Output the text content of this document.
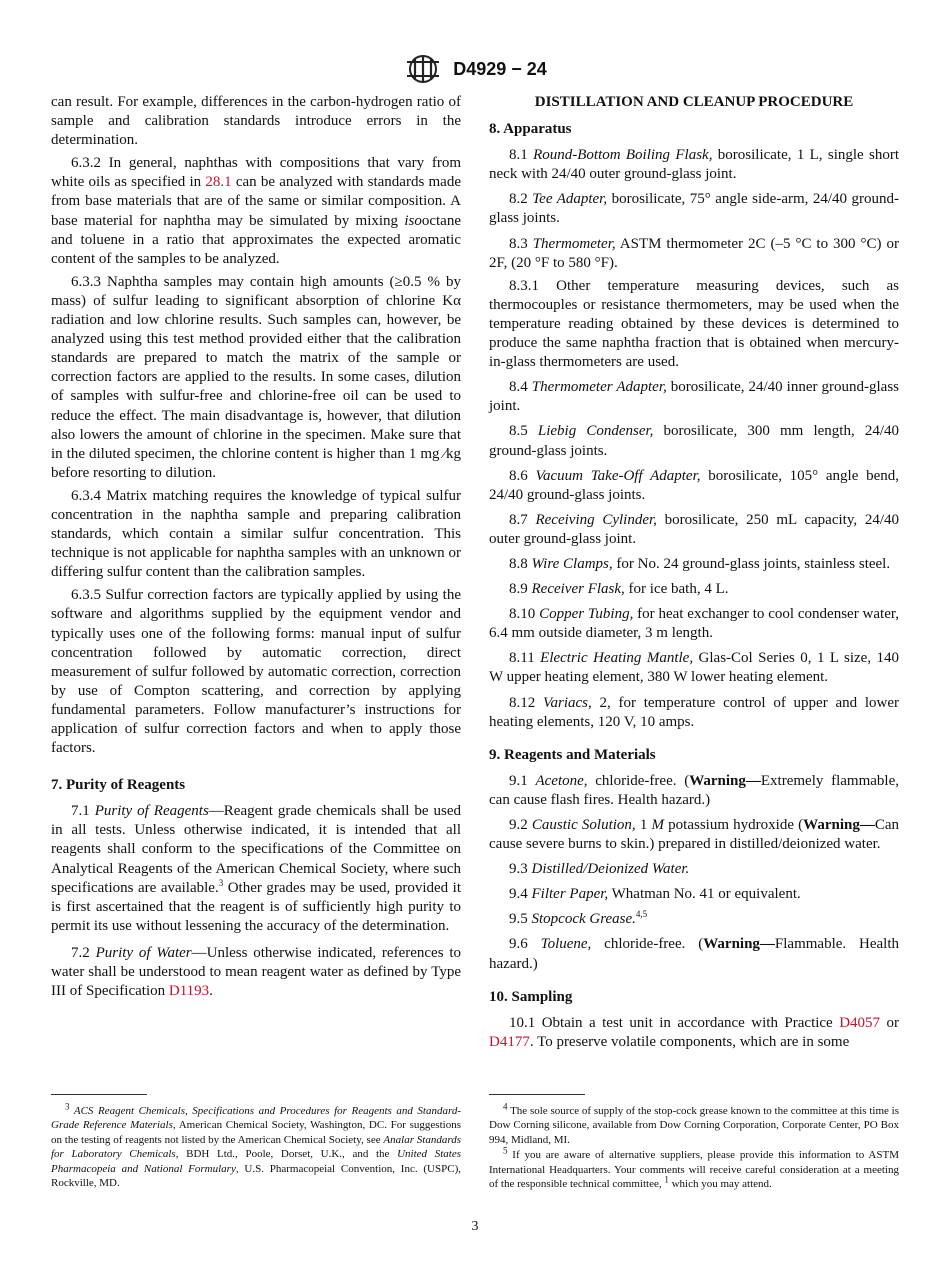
D4929 − 24

can result. For example, differences in the carbon-hydrogen ratio of sample and calibration standards introduce errors in the determination.

6.3.2 In general, naphthas with compositions that vary from white oils as specified in 28.1 can be analyzed with standards made from base materials that are of the same or similar composition. A base material for naphtha may be simulated by mixing isooctane and toluene in a ratio that approximates the expected aromatic content of the samples to be analyzed.

6.3.3 Naphtha samples may contain high amounts (≥0.5 % by mass) of sulfur leading to significant absorption of chlorine Kα radiation and low chlorine results. Such samples can, however, be analyzed using this test method provided either that the calibration standards are prepared to match the matrix of the sample or correction factors are applied to the results. In some cases, dilution of samples with sulfur-free and chlorine-free oil can be used to reduce the effect. The main disadvantage is, however, that dilution also lowers the amount of chlorine in the specimen. Make sure that in the diluted specimen, the chlorine content is higher than 1 mg ⁄kg before resorting to dilution.

6.3.4 Matrix matching requires the knowledge of typical sulfur concentration in the naphtha sample and preparing calibration standards, which contain a similar sulfur concentration. This technique is not applicable for naphtha samples with an unknown or differing sulfur content than the calibration samples.

6.3.5 Sulfur correction factors are typically applied by using the software and algorithms supplied by the equipment vendor and typically uses one of the following forms: manual input of sulfur concentration followed by automatic correction, direct measurement of sulfur followed by automatic correction, correction by use of Compton scattering, and correction by applying fundamental parameters. Follow manufacturer’s instructions for application of sulfur correction factors and when to apply those factors.

7. Purity of Reagents

7.1 Purity of Reagents—Reagent grade chemicals shall be used in all tests. Unless otherwise indicated, it is intended that all reagents shall conform to the specifications of the Committee on Analytical Reagents of the American Chemical Society, where such specifications are available.$^3$ Other grades may be used, provided it is first ascertained that the reagent is of sufficiently high purity to permit its use without lessening the accuracy of the determination.

7.2 Purity of Water—Unless otherwise indicated, references to water shall be understood to mean reagent water as defined by Type III of Specification D1193.

DISTILLATION AND CLEANUP PROCEDURE
8. Apparatus

8.1 Round-Bottom Boiling Flask, borosilicate, 1 L, single short neck with 24/40 outer ground-glass joint.

8.2 Tee Adapter, borosilicate, 75° angle side-arm, 24/40 ground-glass joints.

8.3 Thermometer, ASTM thermometer 2C (–5 °C to 300 °C) or 2F, (20 °F to 580 °F).

8.3.1 Other temperature measuring devices, such as thermocouples or resistance thermometers, may be used when the temperature reading obtained by these devices is determined to produce the same naphtha fraction that is obtained when mercury-in-glass thermometers are used.

8.4 Thermometer Adapter, borosilicate, 24/40 inner ground-glass joint.

8.5 Liebig Condenser, borosilicate, 300 mm length, 24/40 ground-glass joints.

8.6 Vacuum Take-Off Adapter, borosilicate, 105° angle bend, 24/40 ground-glass joints.

8.7 Receiving Cylinder, borosilicate, 250 mL capacity, 24/40 outer ground-glass joint.

8.8 Wire Clamps, for No. 24 ground-glass joints, stainless steel.

8.9 Receiver Flask, for ice bath, 4 L.

8.10 Copper Tubing, for heat exchanger to cool condenser water, 6.4 mm outside diameter, 3 m length.

8.11 Electric Heating Mantle, Glas-Col Series 0, 1 L size, 140 W upper heating element, 380 W lower heating element.

8.12 Variacs, 2, for temperature control of upper and lower heating elements, 120 V, 10 amps.

9. Reagents and Materials

9.1 Acetone, chloride-free. (Warning—Extremely flammable, can cause flash fires. Health hazard.)

9.2 Caustic Solution, 1 M potassium hydroxide (Warning—Can cause severe burns to skin.) prepared in distilled/deionized water.

9.3 Distilled/Deionized Water.

9.4 Filter Paper, Whatman No. 41 or equivalent.

9.5 Stopcock Grease.$^{4,5}$

9.6 Toluene, chloride-free. (Warning—Flammable. Health hazard.)

10. Sampling

10.1 Obtain a test unit in accordance with Practice D4057 or D4177. To preserve volatile components, which are in some

$^3$ ACS Reagent Chemicals, Specifications and Procedures for Reagents and Standard-Grade Reference Materials, American Chemical Society, Washington, DC. For suggestions on the testing of reagents not listed by the American Chemical Society, see Analar Standards for Laboratory Chemicals, BDH Ltd., Poole, Dorset, U.K., and the United States Pharmacopeia and National Formulary, U.S. Pharmacopeial Convention, Inc. (USPC), Rockville, MD.

$^4$ The sole source of supply of the stop-cock grease known to the committee at this time is Dow Corning silicone, available from Dow Corning Corporation, Corporate Center, PO Box 994, Midland, MI.

$^5$ If you are aware of alternative suppliers, please provide this information to ASTM International Headquarters. Your comments will receive careful consideration at a meeting of the responsible technical committee, $^1$ which you may attend.

3
